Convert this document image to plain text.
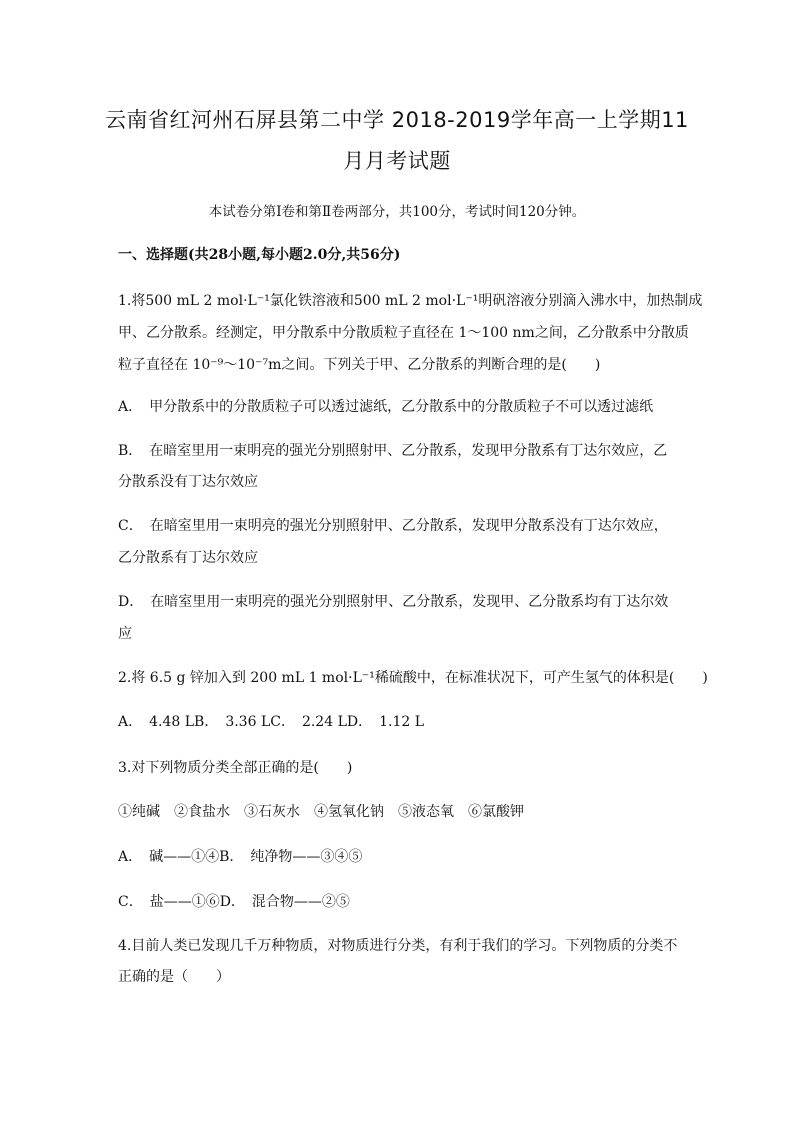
云南省红河州石屏县第二中学 2018-2019学年高一上学期11
月月考试题
本试卷分第Ⅰ卷和第Ⅱ卷两部分，共100分，考试时间120分钟。
一、选择题(共28小题,每小题2.0分,共56分)
1.将500 mL 2 mol·L⁻¹氯化铁溶液和500 mL 2 mol·L⁻¹明矾溶液分别滴入沸水中，加热制成
甲、乙分散系。经测定，甲分散系中分散质粒子直径在 1～100 nm之间，乙分散系中分散质
粒子直径在 10⁻⁹～10⁻⁷m之间。下列关于甲、乙分散系的判断合理的是(　　)
A．　甲分散系中的分散质粒子可以透过滤纸，乙分散系中的分散质粒子不可以透过滤纸
B．　在暗室里用一束明亮的强光分别照射甲、乙分散系，发现甲分散系有丁达尔效应，乙
分散系没有丁达尔效应
C．　在暗室里用一束明亮的强光分别照射甲、乙分散系，发现甲分散系没有丁达尔效应，
乙分散系有丁达尔效应
D．　在暗室里用一束明亮的强光分别照射甲、乙分散系，发现甲、乙分散系均有丁达尔效
应
2.将 6.5 g 锌加入到 200 mL 1 mol·L⁻¹稀硫酸中，在标准状况下，可产生氢气的体积是(　　)
A．　4.48 LB．　3.36 LC．　2.24 LD．　1.12 L
3.对下列物质分类全部正确的是(　　)
①纯碱　②食盐水　③石灰水　④氢氧化钠　⑤液态氧　⑥氯酸钾
A．　碱——①④B．　纯净物——③④⑤
C．　盐——①⑥D．　混合物——②⑤
4.目前人类已发现几千万种物质，对物质进行分类，有利于我们的学习。下列物质的分类不
正确的是（　　）
